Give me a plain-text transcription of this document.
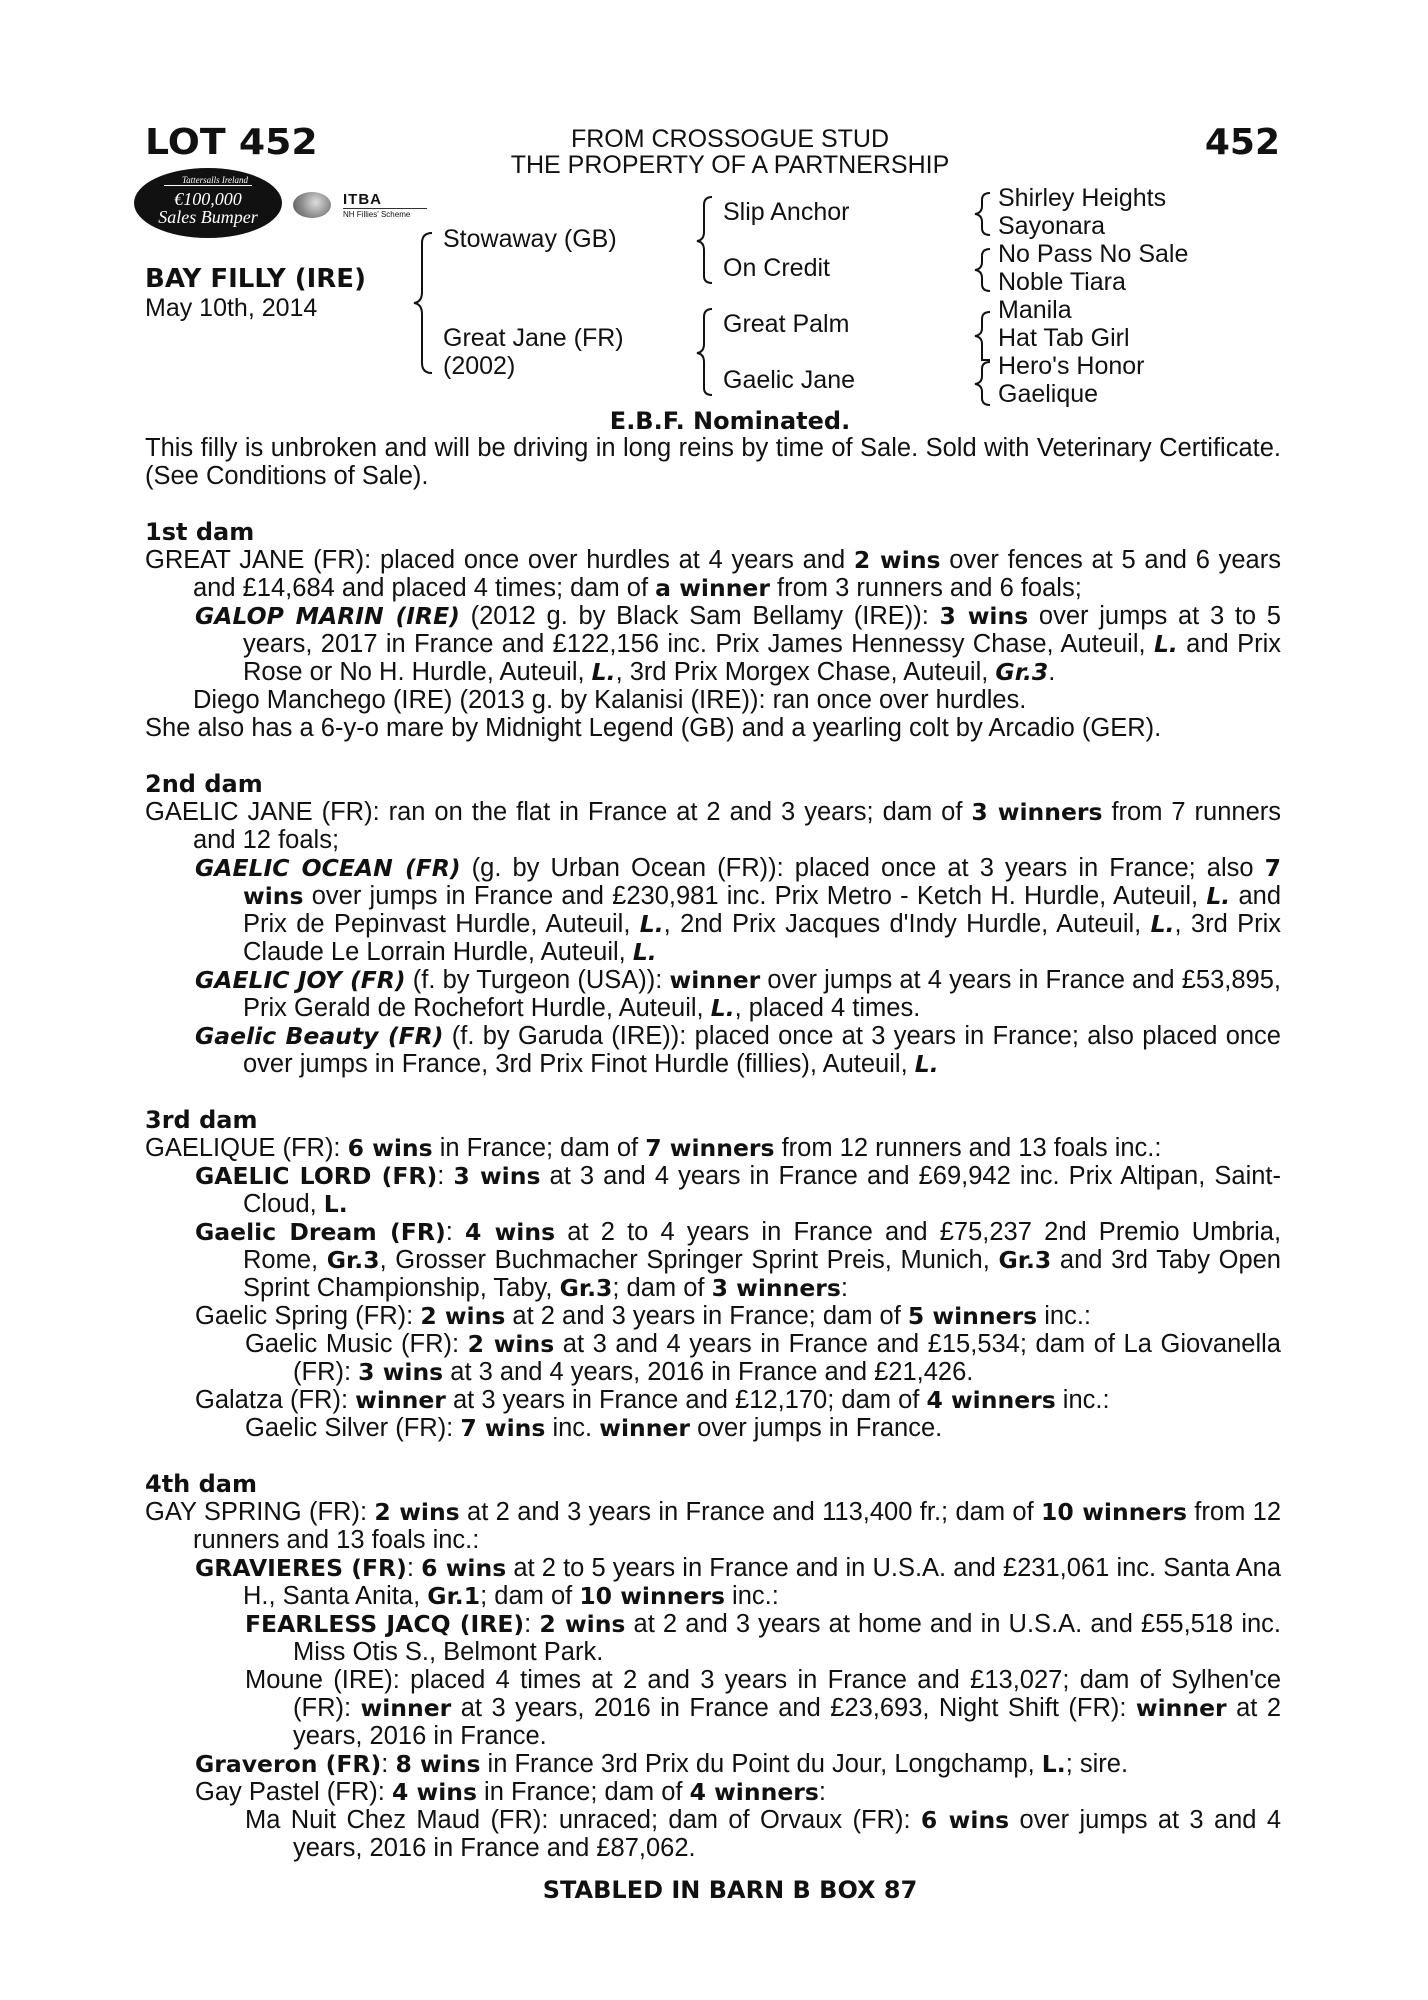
LOT 452	452
FROM CROSSOGUE STUD
THE PROPERTY OF A PARTNERSHIP
Tattersalls Ireland
€100,000
Sales Bumper
ITBA
NH Fillies' Scheme
BAY FILLY (IRE)
May 10th, 2014
Stowaway (GB)
Great Jane (FR)
(2002)
Slip Anchor
On Credit
Great Palm
Gaelic Jane
Shirley Heights
Sayonara
No Pass No Sale
Noble Tiara
Manila
Hat Tab Girl
Hero's Honor
Gaelique
E.B.F. Nominated.

This filly is unbroken and will be driving in long reins by time of Sale. Sold with Veterinary Certificate. (See Conditions of Sale).

1st dam

GREAT JANE (FR): placed once over hurdles at 4 years and 2 wins over fences at 5 and 6 years and £14,684 and placed 4 times; dam of a winner from 3 runners and 6 foals;

GALOP MARIN (IRE) (2012 g. by Black Sam Bellamy (IRE)): 3 wins over jumps at 3 to 5 years, 2017 in France and £122,156 inc. Prix James Hennessy Chase, Auteuil, L. and Prix Rose or No H. Hurdle, Auteuil, L., 3rd Prix Morgex Chase, Auteuil, Gr.3.

Diego Manchego (IRE) (2013 g. by Kalanisi (IRE)): ran once over hurdles.

She also has a 6-y-o mare by Midnight Legend (GB) and a yearling colt by Arcadio (GER).

2nd dam

GAELIC JANE (FR): ran on the flat in France at 2 and 3 years; dam of 3 winners from 7 runners and 12 foals;

GAELIC OCEAN (FR) (g. by Urban Ocean (FR)): placed once at 3 years in France; also 7 wins over jumps in France and £230,981 inc. Prix Metro - Ketch H. Hurdle, Auteuil, L. and Prix de Pepinvast Hurdle, Auteuil, L., 2nd Prix Jacques d'Indy Hurdle, Auteuil, L., 3rd Prix Claude Le Lorrain Hurdle, Auteuil, L.

GAELIC JOY (FR) (f. by Turgeon (USA)): winner over jumps at 4 years in France and £53,895, Prix Gerald de Rochefort Hurdle, Auteuil, L., placed 4 times.

Gaelic Beauty (FR) (f. by Garuda (IRE)): placed once at 3 years in France; also placed once over jumps in France, 3rd Prix Finot Hurdle (fillies), Auteuil, L.

3rd dam

GAELIQUE (FR): 6 wins in France; dam of 7 winners from 12 runners and 13 foals inc.:

GAELIC LORD (FR): 3 wins at 3 and 4 years in France and £69,942 inc. Prix Altipan, Saint-Cloud, L.

Gaelic Dream (FR): 4 wins at 2 to 4 years in France and £75,237 2nd Premio Umbria, Rome, Gr.3, Grosser Buchmacher Springer Sprint Preis, Munich, Gr.3 and 3rd Taby Open Sprint Championship, Taby, Gr.3; dam of 3 winners:

Gaelic Spring (FR): 2 wins at 2 and 3 years in France; dam of 5 winners inc.:

Gaelic Music (FR): 2 wins at 3 and 4 years in France and £15,534; dam of La Giovanella (FR): 3 wins at 3 and 4 years, 2016 in France and £21,426.

Galatza (FR): winner at 3 years in France and £12,170; dam of 4 winners inc.:

Gaelic Silver (FR): 7 wins inc. winner over jumps in France.

4th dam

GAY SPRING (FR): 2 wins at 2 and 3 years in France and 113,400 fr.; dam of 10 winners from 12 runners and 13 foals inc.:

GRAVIERES (FR): 6 wins at 2 to 5 years in France and in U.S.A. and £231,061 inc. Santa Ana H., Santa Anita, Gr.1; dam of 10 winners inc.:

FEARLESS JACQ (IRE): 2 wins at 2 and 3 years at home and in U.S.A. and £55,518 inc. Miss Otis S., Belmont Park.

Moune (IRE): placed 4 times at 2 and 3 years in France and £13,027; dam of Sylhen'ce (FR): winner at 3 years, 2016 in France and £23,693, Night Shift (FR): winner at 2 years, 2016 in France.

Graveron (FR): 8 wins in France 3rd Prix du Point du Jour, Longchamp, L.; sire.

Gay Pastel (FR): 4 wins in France; dam of 4 winners:

Ma Nuit Chez Maud (FR): unraced; dam of Orvaux (FR): 6 wins over jumps at 3 and 4 years, 2016 in France and £87,062.

STABLED IN BARN B BOX 87
